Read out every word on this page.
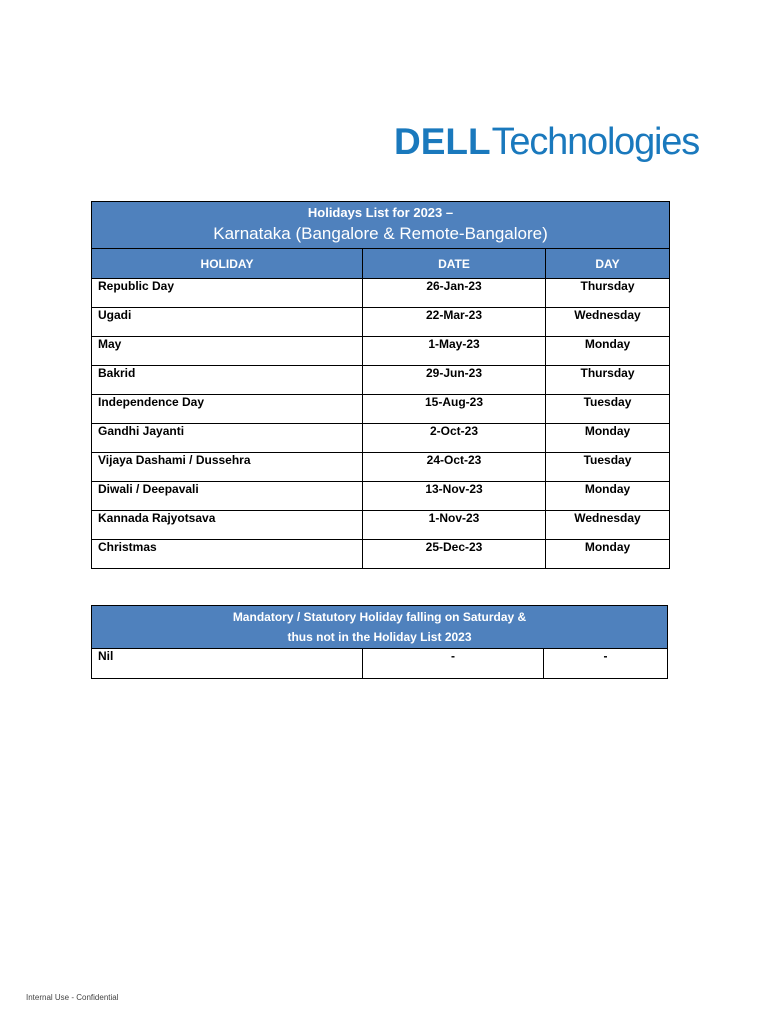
DELL Technologies
Holidays List for 2023 –
Karnataka (Bangalore & Remote-Bangalore)		

HOLIDAY	DATE	DAY
Republic Day	26-Jan-23	Thursday
Ugadi	22-Mar-23	Wednesday
May	1-May-23	Monday
Bakrid	29-Jun-23	Thursday
Independence Day	15-Aug-23	Tuesday
Gandhi Jayanti	2-Oct-23	Monday
Vijaya Dashami / Dussehra	24-Oct-23	Tuesday
Diwali / Deepavali	13-Nov-23	Monday
Kannada Rajyotsava	1-Nov-23	Wednesday
Christmas	25-Dec-23	Monday
Mandatory / Statutory Holiday falling on Saturday &
thus not in the Holiday List 2023

Nil	-	-
Internal Use - Confidential
